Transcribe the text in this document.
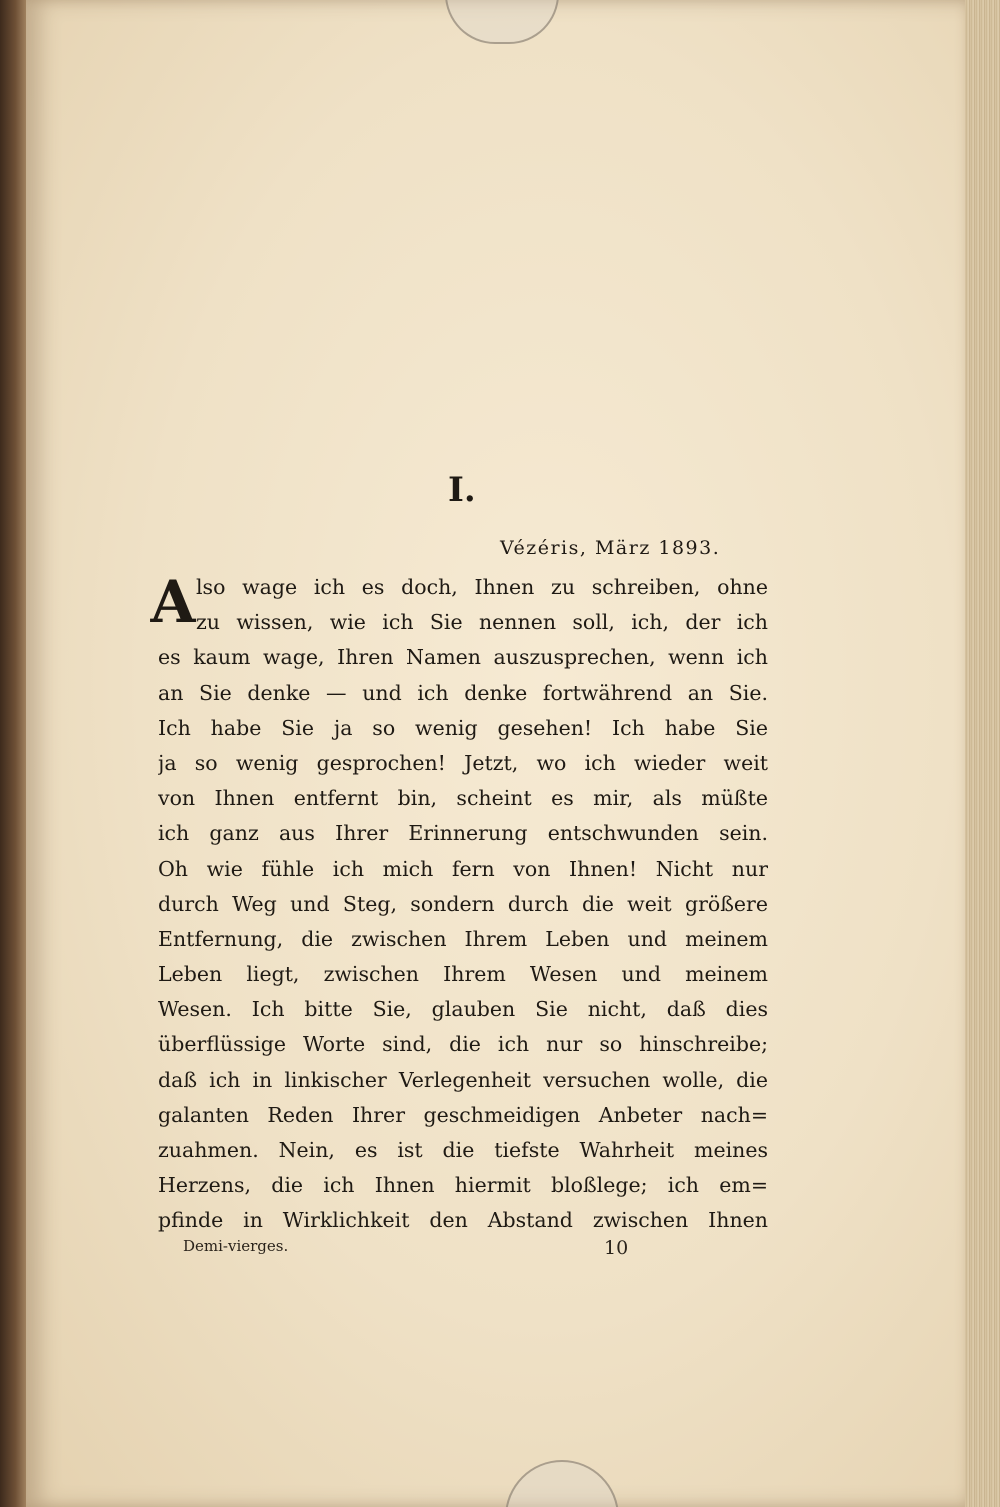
I.
Vézéris, März 1893.
A lso wage ich es doch, Ihnen zu schreiben, ohne
zu wissen, wie ich Sie nennen soll, ich, der ich
es kaum wage, Ihren Namen auszusprechen, wenn ich
an Sie denke — und ich denke fortwährend an Sie.
Ich habe Sie ja so wenig gesehen! Ich habe Sie
ja so wenig gesprochen! Jetzt, wo ich wieder weit
von Ihnen entfernt bin, scheint es mir, als müßte
ich ganz aus Ihrer Erinnerung entschwunden sein.
Oh wie fühle ich mich fern von Ihnen! Nicht nur
durch Weg und Steg, sondern durch die weit größere
Entfernung, die zwischen Ihrem Leben und meinem
Leben liegt, zwischen Ihrem Wesen und meinem
Wesen. Ich bitte Sie, glauben Sie nicht, daß dies
überflüssige Worte sind, die ich nur so hinschreibe;
daß ich in linkischer Verlegenheit versuchen wolle, die
galanten Reden Ihrer geschmeidigen Anbeter nach=
zuahmen. Nein, es ist die tiefste Wahrheit meines
Herzens, die ich Ihnen hiermit bloßlege; ich em=
pfinde in Wirklichkeit den Abstand zwischen Ihnen
Demi-vierges.	10
